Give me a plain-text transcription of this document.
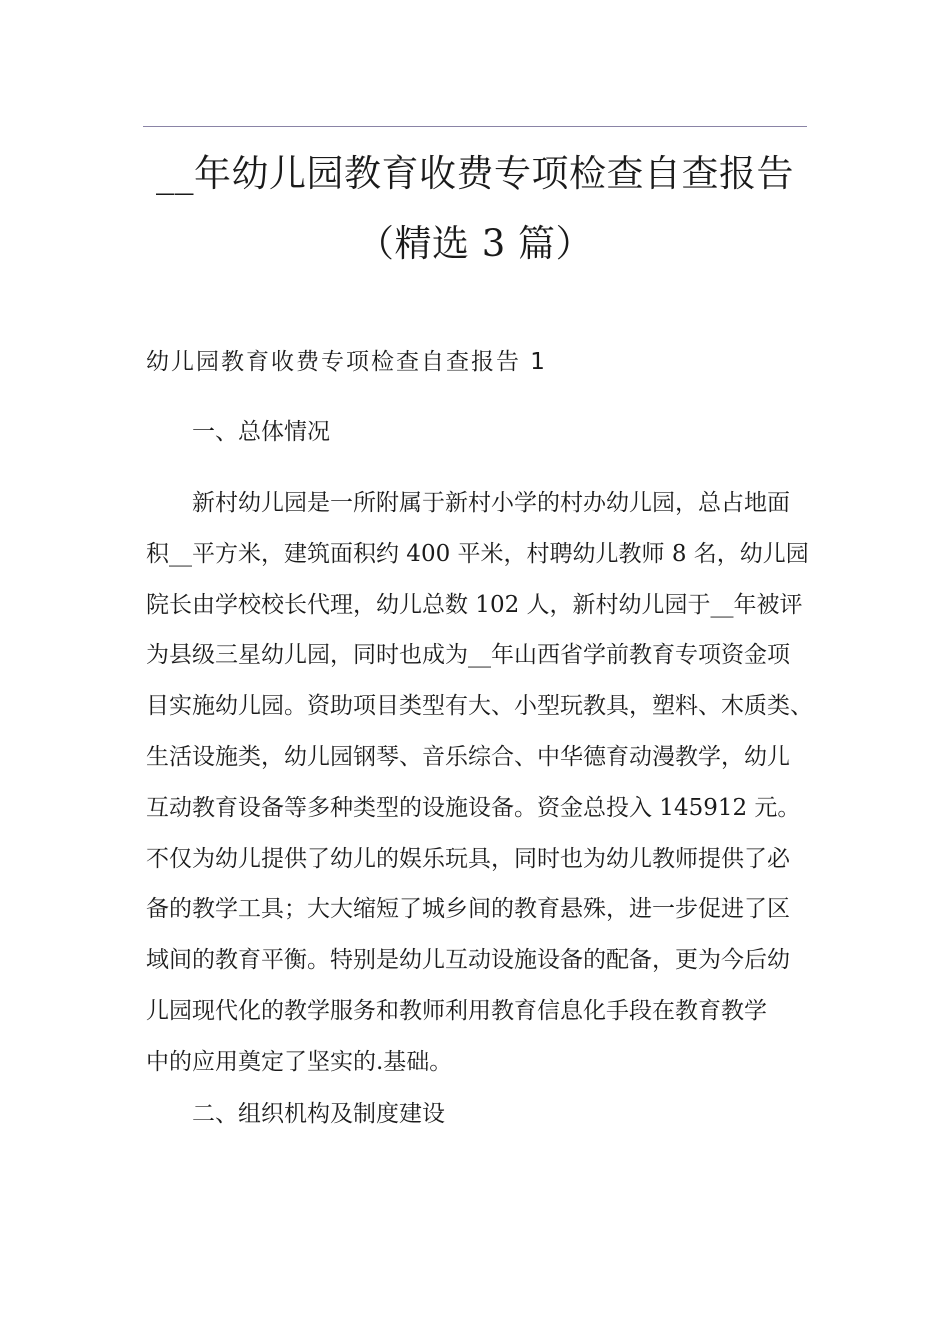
__年幼儿园教育收费专项检查自查报告
（精选 3 篇）
幼儿园教育收费专项检查自查报告 1
一、总体情况
新村幼儿园是一所附属于新村小学的村办幼儿园，总占地面
积__平方米，建筑面积约 400 平米，村聘幼儿教师 8 名，幼儿园
院长由学校校长代理，幼儿总数 102 人，新村幼儿园于__年被评
为县级三星幼儿园，同时也成为__年山西省学前教育专项资金项
目实施幼儿园。资助项目类型有大、小型玩教具，塑料、木质类、
生活设施类，幼儿园钢琴、音乐综合、中华德育动漫教学，幼儿
互动教育设备等多种类型的设施设备。资金总投入 145912 元。
不仅为幼儿提供了幼儿的娱乐玩具，同时也为幼儿教师提供了必
备的教学工具；大大缩短了城乡间的教育悬殊，进一步促进了区
域间的教育平衡。特别是幼儿互动设施设备的配备，更为今后幼
儿园现代化的教学服务和教师利用教育信息化手段在教育教学
中的应用奠定了坚实的.基础。
二、组织机构及制度建设
